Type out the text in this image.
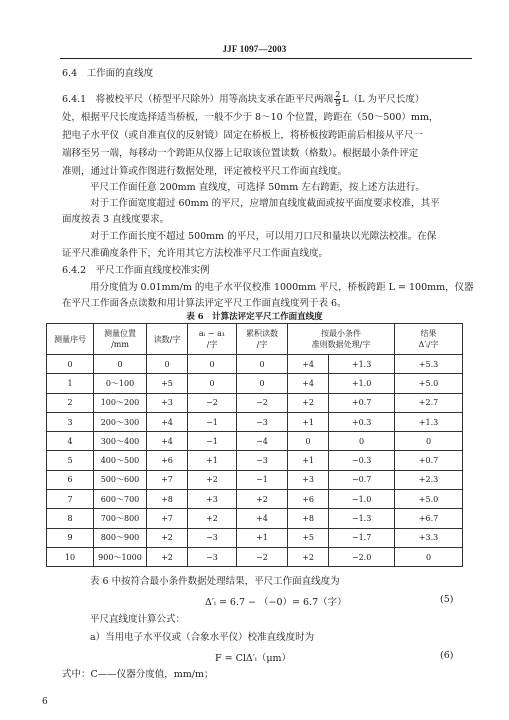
JJF 1097—2003
6.4　工作面的直线度
6.4.1　将被校平尺（桥型平尺除外）用等高块支承在距平尺两端 $\frac{2}{9} L(L$ 为平尺长度）
处，根据平尺长度选择适当桥板，一般不少于 8～10 个位置，跨距在（50～500）mm，
把电子水平仪（或自准直仪的反射镜）固定在桥板上，将桥板按跨距前后相接从平尺一
端移至另一端，每移动一个跨距从仪器上记取该位置读数（格数）。根据最小条件评定
准则，通过计算或作图进行数据处理，评定被校平尺工作面直线度。
平尺工作面任意 200mm 直线度，可选择 50mm 左右跨距，按上述方法进行。
对于工作面宽度超过 60mm 的平尺，应增加直线度截面或按平面度要求校准，其平
面度按表 3 直线度要求。
对于工作面长度不超过 500mm 的平尺，可以用刀口尺和量块以光隙法校准。在保
证平尺准确度条件下，允许用其它方法校准平尺工作面直线度。
6.4.2　平尺工作面直线度校准实例
用分度值为 0.01mm/m 的电子水平仪校准 1000mm 平尺，桥板跨距 L = 100mm，仪器
表 6　计算法评定平尺工作面直线度
测量序号	测量位置
/mm	读数/字	aᵢ − a₁
/字	累积读数
/字	按最小条件
准则数据处理/字		结果
Δ′ᵢ/字
0	0	0	0	0	+4	+1.3	+5.3
1	0～100	+5	0	0	+4	+1.0	+5.0
2	100～200	+3	−2	−2	+2	+0.7	+2.7
3	200～300	+4	−1	−3	+1	+0.3	+1.3
4	300～400	+4	−1	−4	0	0	0
5	400～500	+6	+1	−3	+1	−0.3	+0.7
6	500～600	+7	+2	−1	+3	−0.7	+2.3
7	600～700	+8	+3	+2	+6	−1.0	+5.0
8	700～800	+7	+2	+4	+8	−1.3	+6.7
9	800～900	+2	−3	+1	+5	−1.7	+3.3
10	900～1000	+2	−3	−2	+2	−2.0	0
表 6 中按符合最小条件数据处理结果，平尺工作面直线度为
Δ′ᵢ = 6.7 − （−0）= 6.7（字）	(5)
平尺直线度计算公式：
a）当用电子水平仪或（合象水平仪）校准直线度时为
F = ClΔ′ᵢ（μm）	(6)
式中：C——仪器分度值，mm/m；
6
在平尺工作面各点读数和用计算法评定平尺工作面直线度列于表 6。
